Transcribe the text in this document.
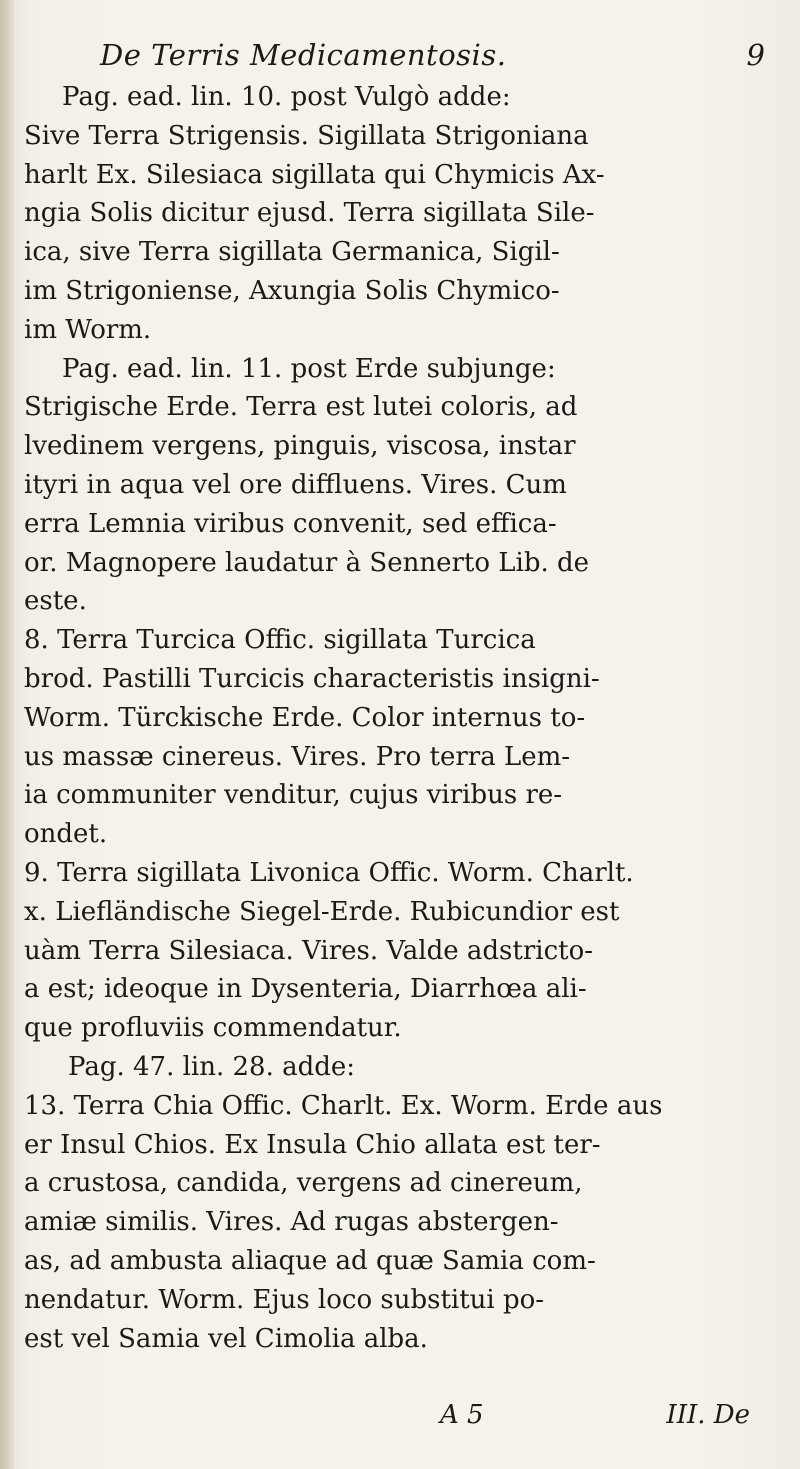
De Terris Medicamentosis.	9
Pag. ead. lin. 10. post Vulgò adde:
Sive Terra Strigensis. Sigillata Strigoniana
harlt Ex. Silesiaca sigillata qui Chymicis Ax-
ngia Solis dicitur ejusd. Terra sigillata Sile-
ica, sive Terra sigillata Germanica, Sigil-
im Strigoniense, Axungia Solis Chymico-
im Worm.
Pag. ead. lin. 11. post Erde subjunge:
Strigische Erde. Terra est lutei coloris, ad
lvedinem vergens, pinguis, viscosa, instar
ityri in aqua vel ore diffluens. Vires. Cum
erra Lemnia viribus convenit, sed effica-
or. Magnopere laudatur à Sennerto Lib. de
este.
8. Terra Turcica Offic. sigillata Turcica
brod. Pastilli Turcicis characteristis insigni-
Worm. Türckische Erde. Color internus to-
us massæ cinereus. Vires. Pro terra Lem-
ia communiter venditur, cujus viribus re-
ondet.
9. Terra sigillata Livonica Offic. Worm. Charlt.
x. Liefländische Siegel-Erde. Rubicundior est
uàm Terra Silesiaca. Vires. Valde adstricto-
a est; ideoque in Dysenteria, Diarrhœa ali-
que profluviis commendatur.
Pag. 47. lin. 28. adde:
13. Terra Chia Offic. Charlt. Ex. Worm. Erde aus
er Insul Chios. Ex Insula Chio allata est ter-
a crustosa, candida, vergens ad cinereum,
amiæ similis. Vires. Ad rugas abstergen-
as, ad ambusta aliaque ad quæ Samia com-
nendatur. Worm. Ejus loco substitui po-
est vel Samia vel Cimolia alba.
A 5	III. De
